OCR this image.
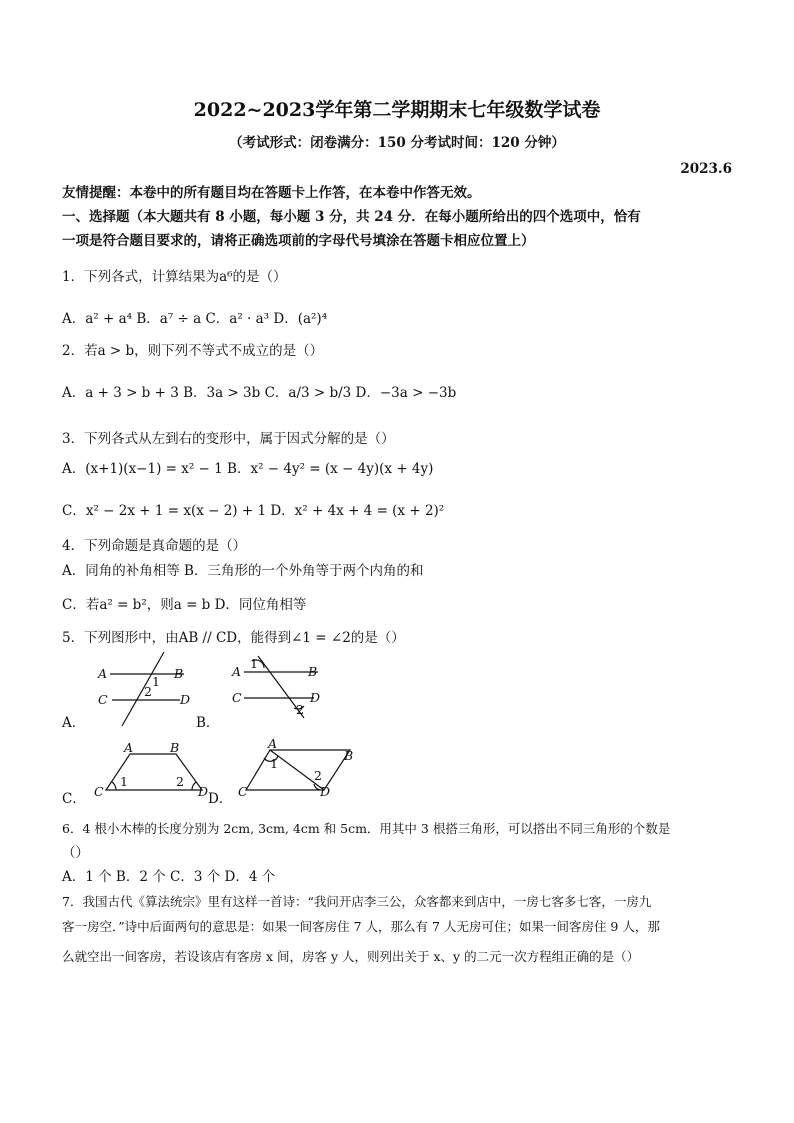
2022~2023学年第二学期期末七年级数学试卷
（考试形式：闭卷满分：150 分考试时间：120 分钟）
2023.6
友情提醒：本卷中的所有题目均在答题卡上作答，在本卷中作答无效。
一、选择题（本大题共有 8 小题，每小题 3 分，共 24 分．在每小题所给出的四个选项中，恰有
一项是符合题目要求的，请将正确选项前的字母代号填涂在答题卡相应位置上）
1．下列各式，计算结果为a⁶的是（）
A．a² + a⁴ B．a⁷ ÷ a C．a² · a³ D．(a²)⁴
2．若a > b，则下列不等式不成立的是（）
A．a + 3 > b + 3 B．3a > 3b C．a/3 > b/3 D．−3a > −3b
3．下列各式从左到右的变形中，属于因式分解的是（）
A．(x+1)(x−1) = x² − 1 B．x² − 4y² = (x − 4y)(x + 4y)
C．x² − 2x + 1 = x(x − 2) + 1 D．x² + 4x + 4 = (x + 2)²
4．下列命题是真命题的是（）
A．同角的补角相等 B．三角形的一个外角等于两个内角的和
C．若a² = b²，则a = b D．同位角相等
5．下列图形中，由AB // CD，能得到∠1 = ∠2的是（）
A	B
C	D
1
2
A．
A	B
C	D
1
2
B．
A	B
C	D
1	2
C．
A
B
C	D
1
2
D．
6．4 根小木棒的长度分别为 2cm, 3cm, 4cm 和 5cm．用其中 3 根搭三角形，可以搭出不同三角形的个数是
（）
A．1 个 B．2 个 C．3 个 D．4 个
7．我国古代《算法统宗》里有这样一首诗：“我问开店李三公，众客都来到店中，一房七客多七客，一房九
客一房空．”诗中后面两句的意思是：如果一间客房住 7 人，那么有 7 人无房可住；如果一间客房住 9 人，那
么就空出一间客房，若设该店有客房 x 间，房客 y 人，则列出关于 x、y 的二元一次方程组正确的是（）
